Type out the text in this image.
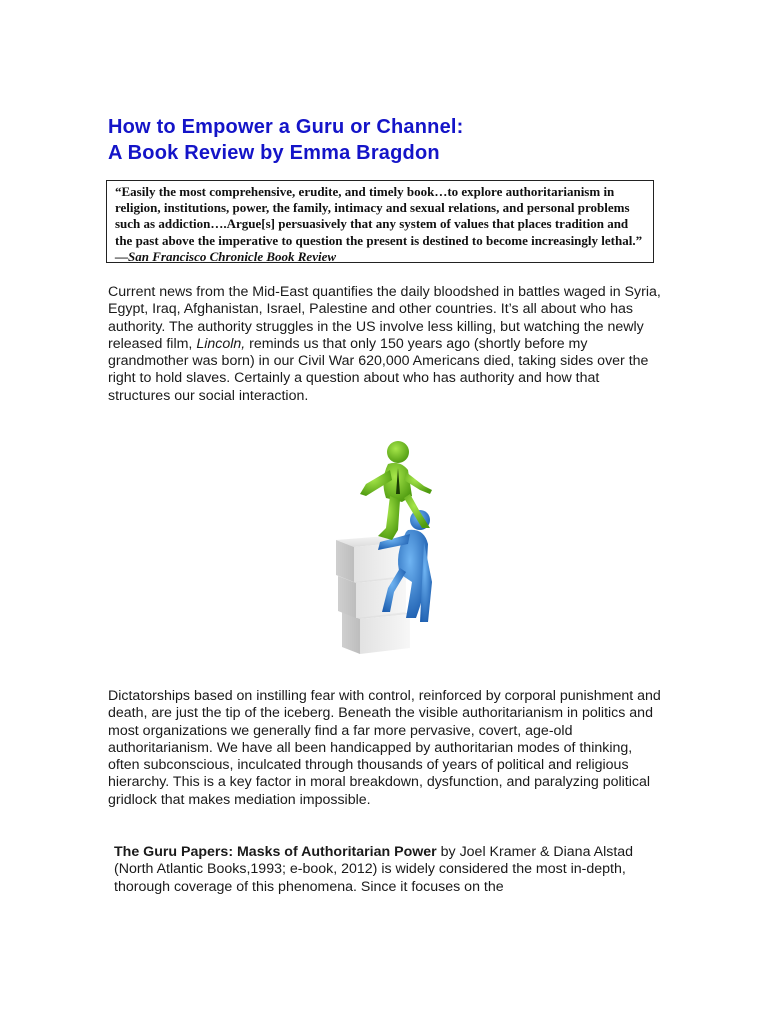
How to Empower a Guru or Channel:
A Book Review by Emma Bragdon
“Easily the most comprehensive, erudite, and timely book…to explore authoritarianism in religion, institutions, power, the family, intimacy and sexual relations, and personal problems such as addiction….Argue[s] persuasively that any system of values that places tradition and the past above the imperative to question the present is destined to become increasingly lethal.” —San Francisco Chronicle Book Review

Current news from the Mid-East quantifies the daily bloodshed in battles waged in Syria, Egypt, Iraq, Afghanistan, Israel, Palestine and other countries. It’s all about who has authority. The authority struggles in the US involve less killing, but watching the newly released film, Lincoln, reminds us that only 150 years ago (shortly before my grandmother was born) in our Civil War 620,000 Americans died, taking sides over the right to hold slaves. Certainly a question about who has authority and how that structures our social interaction.

Dictatorships based on instilling fear with control, reinforced by corporal punishment and death, are just the tip of the iceberg. Beneath the visible authoritarianism in politics and most organizations we generally find a far more pervasive, covert, age-old authoritarianism. We have all been handicapped by authoritarian modes of thinking, often subconscious, inculcated through thousands of years of political and religious hierarchy. This is a key factor in moral breakdown, dysfunction, and paralyzing political gridlock that makes mediation impossible.

The Guru Papers: Masks of Authoritarian Power by Joel Kramer & Diana Alstad (North Atlantic Books,1993; e-book, 2012) is widely considered the most in-depth, thorough coverage of this phenomena. Since it focuses on the
